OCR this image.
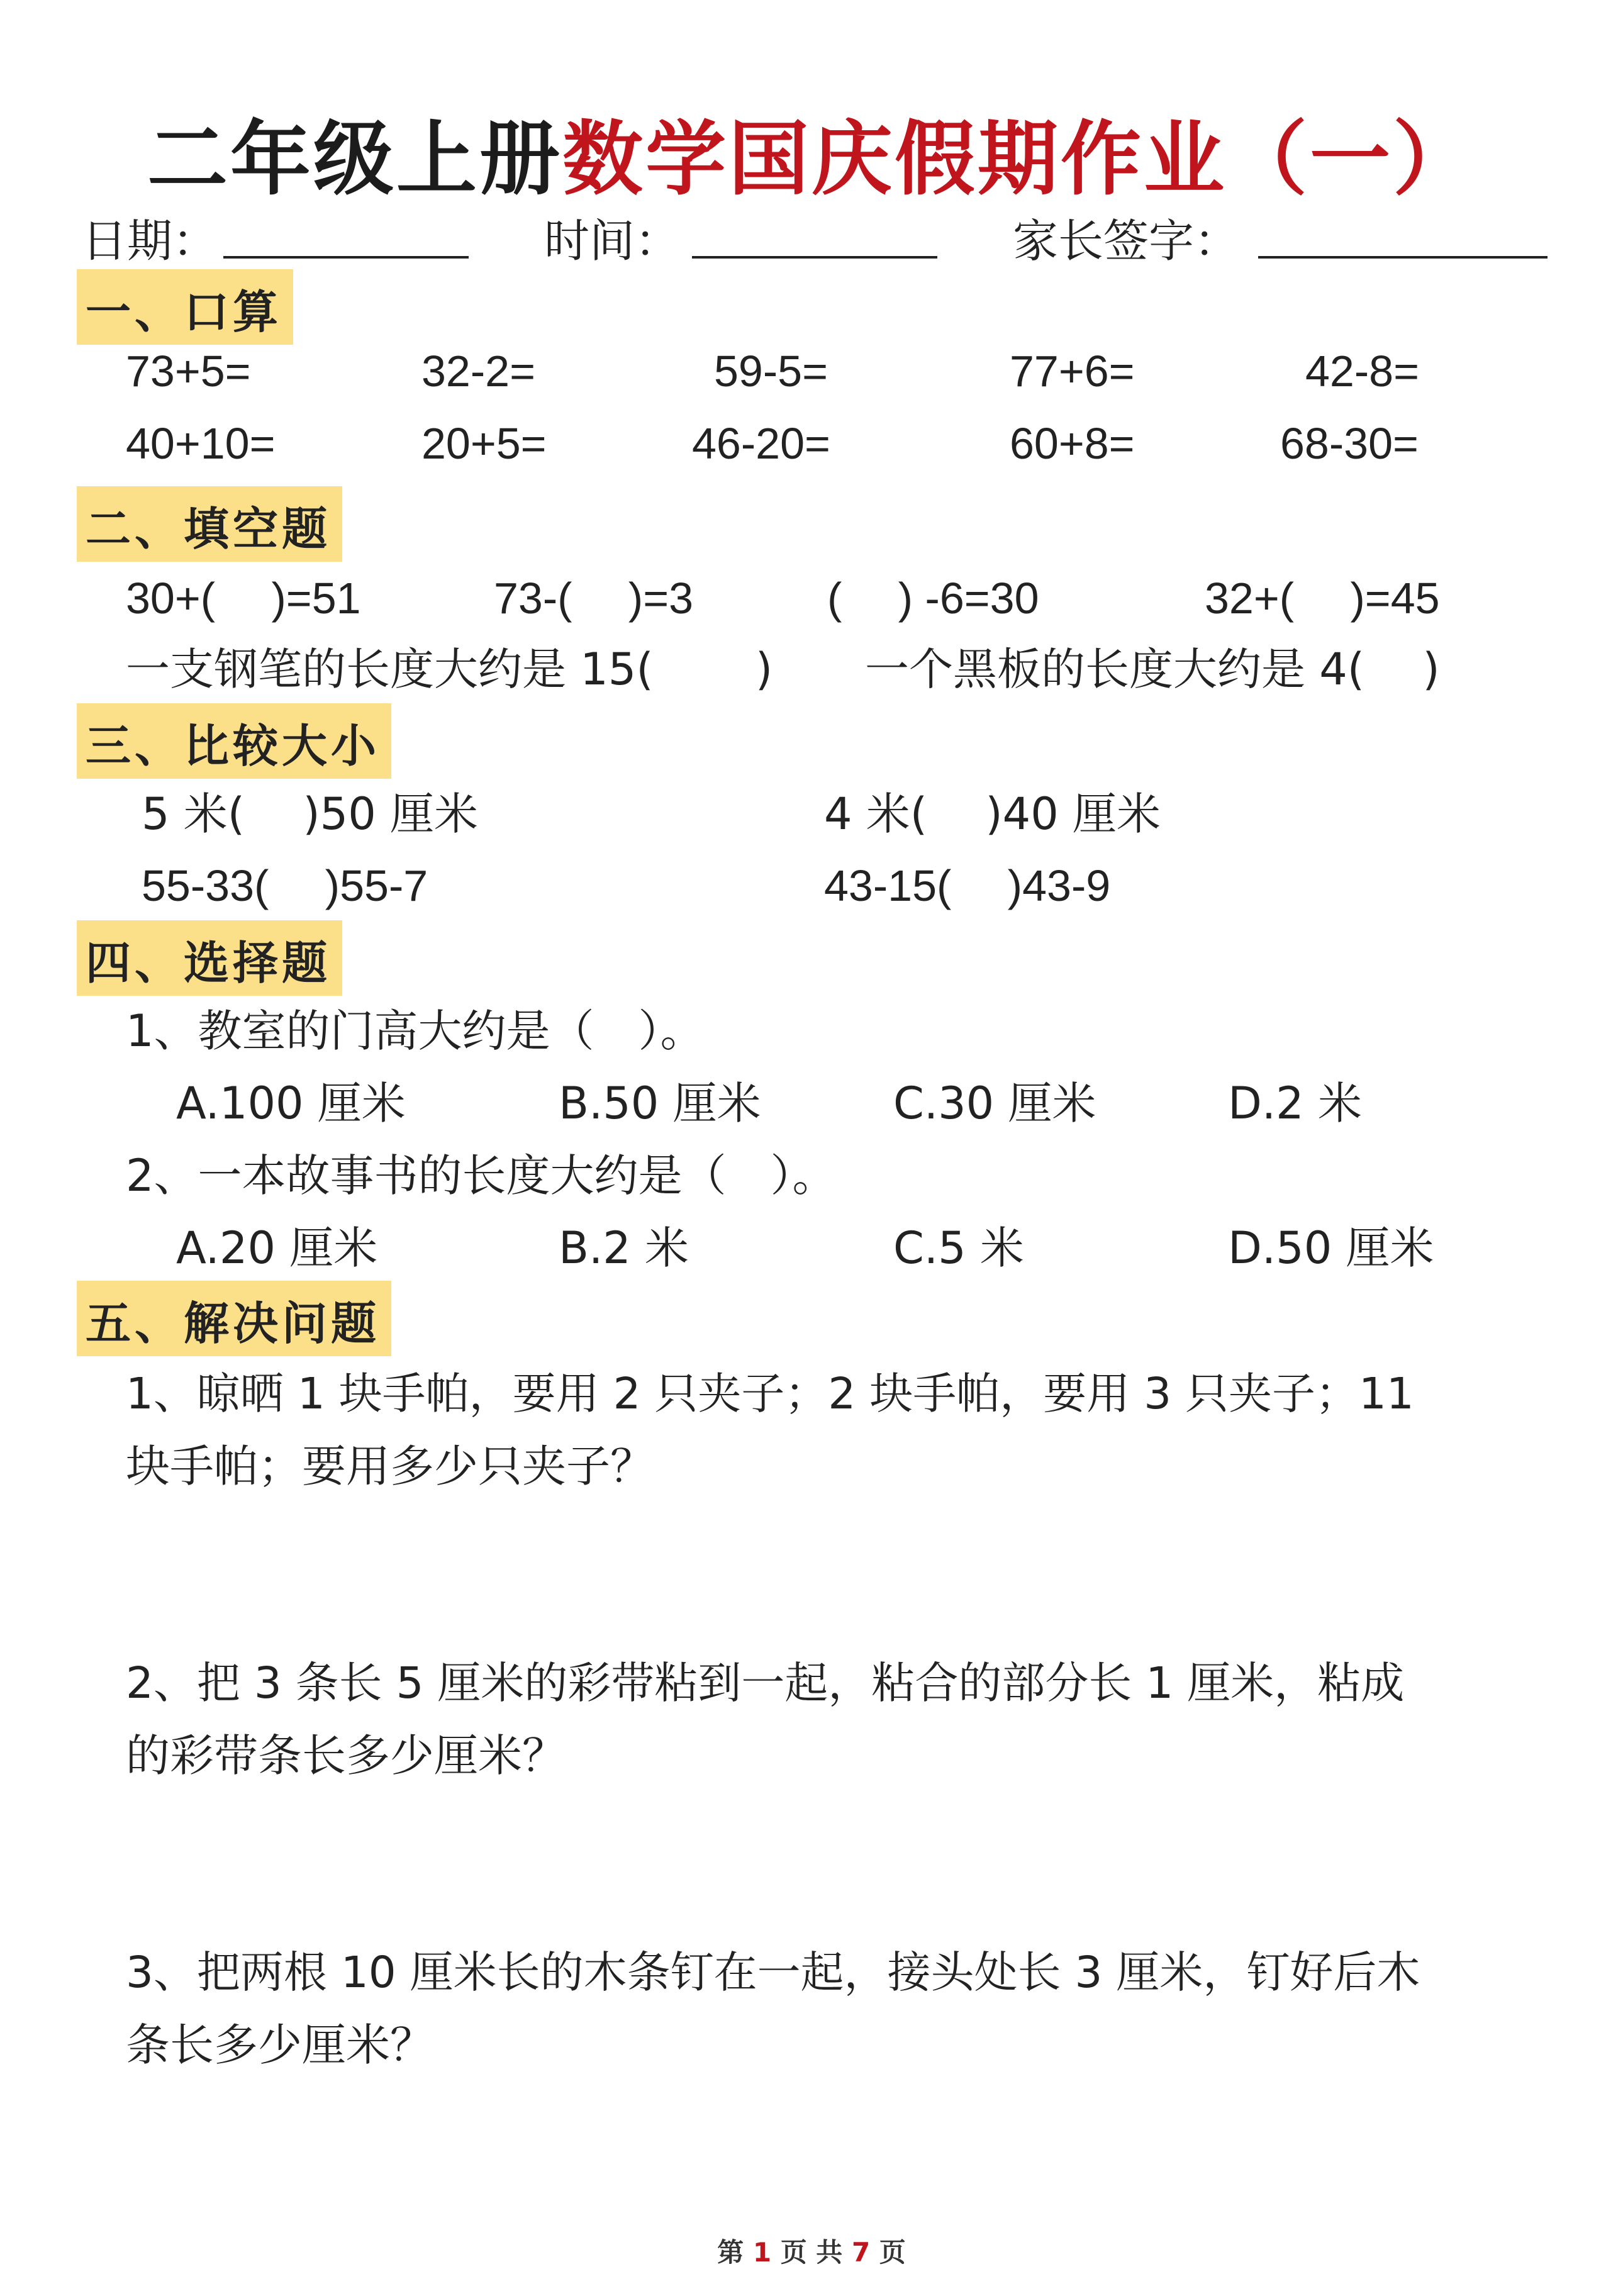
二年级上册数学国庆假期作业（一）
日期：	时间：	家长签字：
一、口算
73+5=	32-2=	59-5=	77+6=	42-8=
40+10=	20+5=	46-20=	60+8=	68-30=
二、填空题
30+(　 )=51	73-(　 )=3	(　 ) -6=30	32+(　 )=45
一支钢笔的长度大约是 15(　　 ) 一个黑板的长度大约是 4(　 )
三、比较大小
5 米(　 )50 厘米	4 米(　 )40 厘米
55-33(　 )55-7	43-15(　 )43-9
四、选择题
1、教室的门高大约是（　）。
A.100 厘米	B.50 厘米	C.30 厘米	D.2 米
2、一本故事书的长度大约是（　）。
A.20 厘米	B.2 米	C.5 米	D.50 厘米
五、解决问题
1、晾晒 1 块手帕，要用 2 只夹子；2 块手帕，要用 3 只夹子；11
块手帕；要用多少只夹子？
2、把 3 条长 5 厘米的彩带粘到一起，粘合的部分长 1 厘米，粘成
的彩带条长多少厘米？
3、把两根 10 厘米长的木条钉在一起，接头处长 3 厘米，钉好后木
条长多少厘米？
第 1 页 共 7 页
